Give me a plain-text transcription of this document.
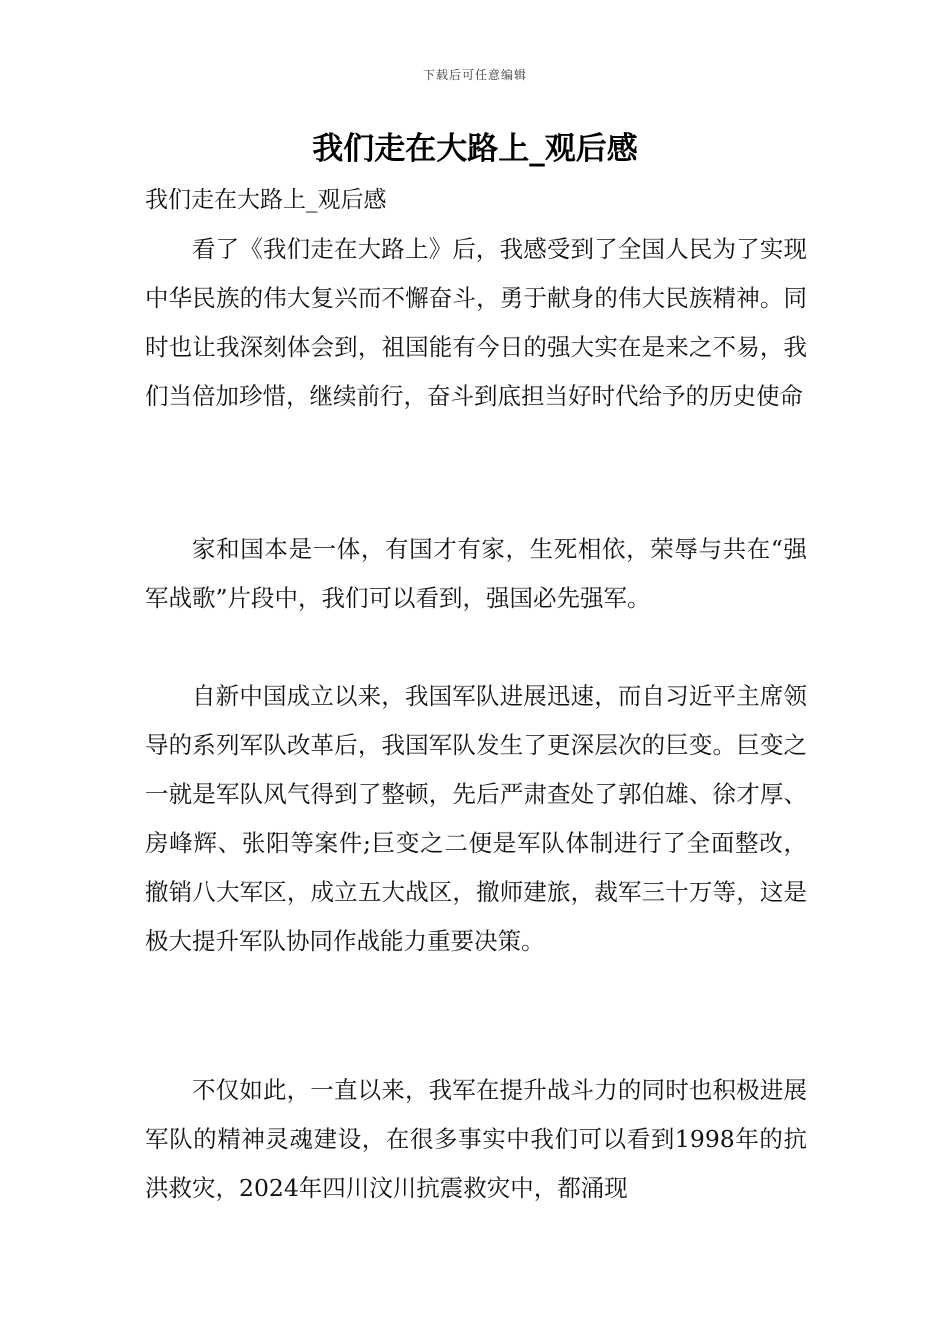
下载后可任意编辑
我们走在大路上_观后感

我们走在大路上_观后感

看了《我们走在大路上》后，我感受到了全国人民为了实现中华民族的伟大复兴而不懈奋斗，勇于献身的伟大民族精神。同时也让我深刻体会到，祖国能有今日的强大实在是来之不易，我们当倍加珍惜，继续前行，奋斗到底担当好时代给予的历史使命

家和国本是一体，有国才有家，生死相依，荣辱与共在“强军战歌”片段中，我们可以看到，强国必先强军。

自新中国成立以来，我国军队进展迅速，而自习近平主席领导的系列军队改革后，我国军队发生了更深层次的巨变。巨变之一就是军队风气得到了整顿，先后严肃查处了郭伯雄、徐才厚、房峰辉、张阳等案件;巨变之二便是军队体制进行了全面整改，撤销八大军区，成立五大战区，撤师建旅，裁军三十万等，这是极大提升军队协同作战能力重要决策。

不仅如此，一直以来，我军在提升战斗力的同时也积极进展军队的精神灵魂建设，在很多事实中我们可以看到1998年的抗洪救灾，2024年四川汶川抗震救灾中，都涌现
